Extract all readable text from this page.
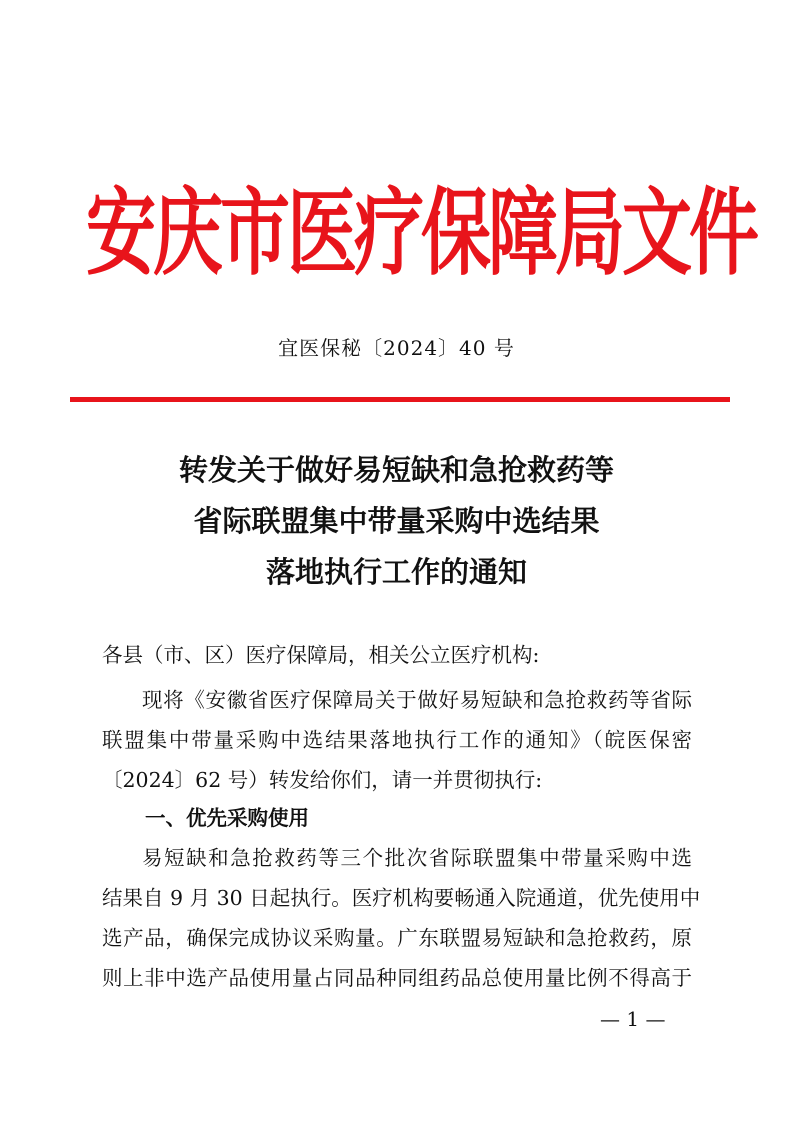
安庆市医疗保障局文件
宜医保秘〔2024〕40 号
转发关于做好易短缺和急抢救药等
省际联盟集中带量采购中选结果
落地执行工作的通知
各县（市、区）医疗保障局，相关公立医疗机构:
现将《安徽省医疗保障局关于做好易短缺和急抢救药等省际
联盟集中带量采购中选结果落地执行工作的通知》（皖医保密
〔2024〕62 号）转发给你们，请一并贯彻执行:
一、优先采购使用
易短缺和急抢救药等三个批次省际联盟集中带量采购中选
结果自 9 月 30 日起执行。医疗机构要畅通入院通道，优先使用中
选产品，确保完成协议采购量。广东联盟易短缺和急抢救药，原
则上非中选产品使用量占同品种同组药品总使用量比例不得高于
— 1 —
